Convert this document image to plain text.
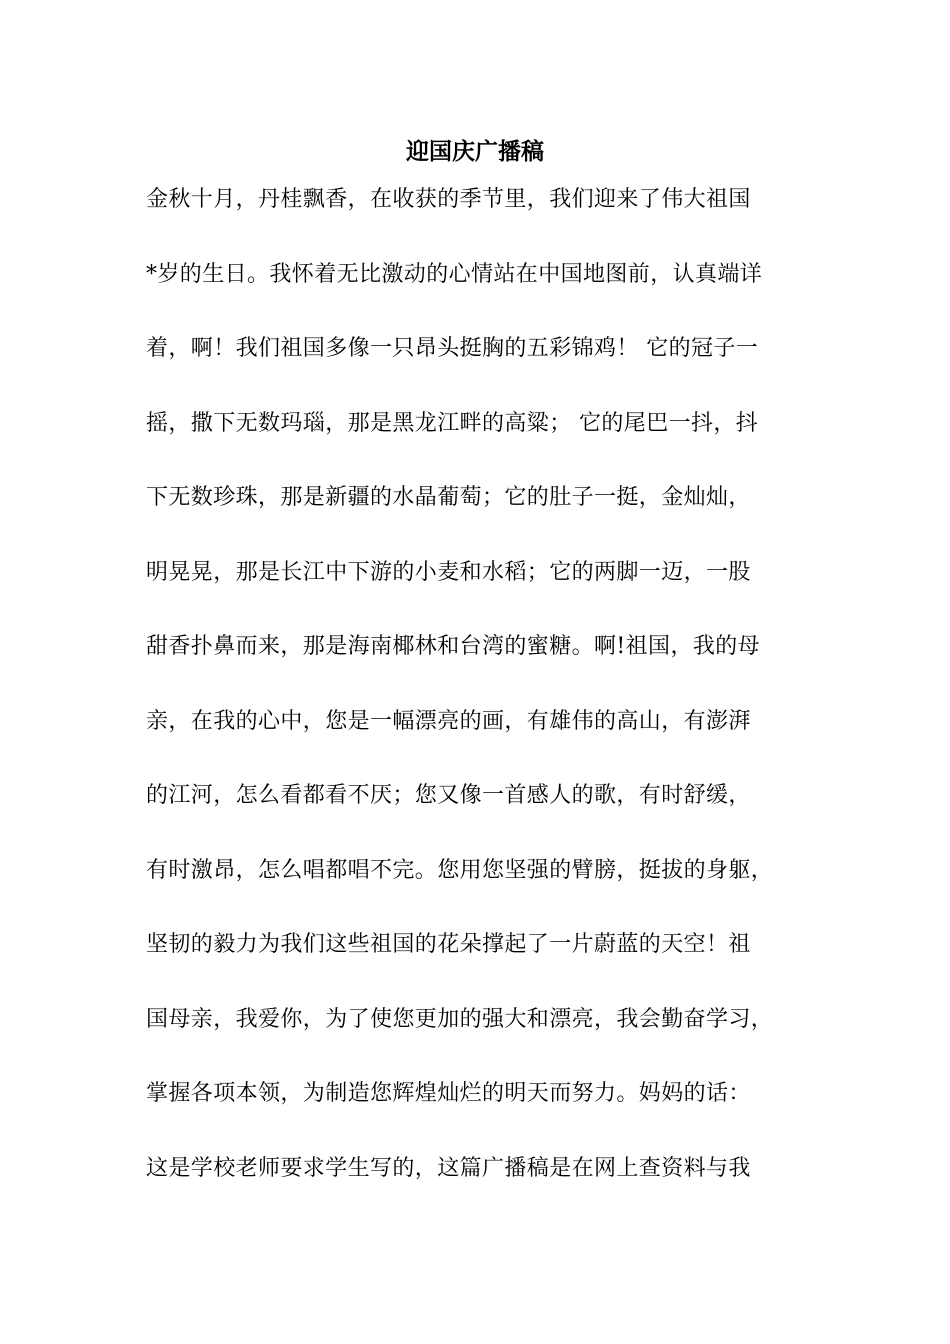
迎国庆广播稿
金秋十月，丹桂飘香，在收获的季节里，我们迎来了伟大祖国
*岁的生日。我怀着无比激动的心情站在中国地图前，认真端详
着，啊！我们祖国多像一只昂头挺胸的五彩锦鸡！ 它的冠子一
摇，撒下无数玛瑙，那是黑龙江畔的高粱； 它的尾巴一抖，抖
下无数珍珠，那是新疆的水晶葡萄；它的肚子一挺，金灿灿，
明晃晃，那是长江中下游的小麦和水稻；它的两脚一迈，一股
甜香扑鼻而来，那是海南椰林和台湾的蜜糖。啊!祖国，我的母
亲，在我的心中，您是一幅漂亮的画，有雄伟的高山，有澎湃
的江河，怎么看都看不厌；您又像一首感人的歌，有时舒缓，
有时激昂，怎么唱都唱不完。您用您坚强的臂膀，挺拔的身躯，
坚韧的毅力为我们这些祖国的花朵撑起了一片蔚蓝的天空！祖
国母亲，我爱你，为了使您更加的强大和漂亮，我会勤奋学习，
掌握各项本领，为制造您辉煌灿烂的明天而努力。妈妈的话：
这是学校老师要求学生写的，这篇广播稿是在网上查资料与我
